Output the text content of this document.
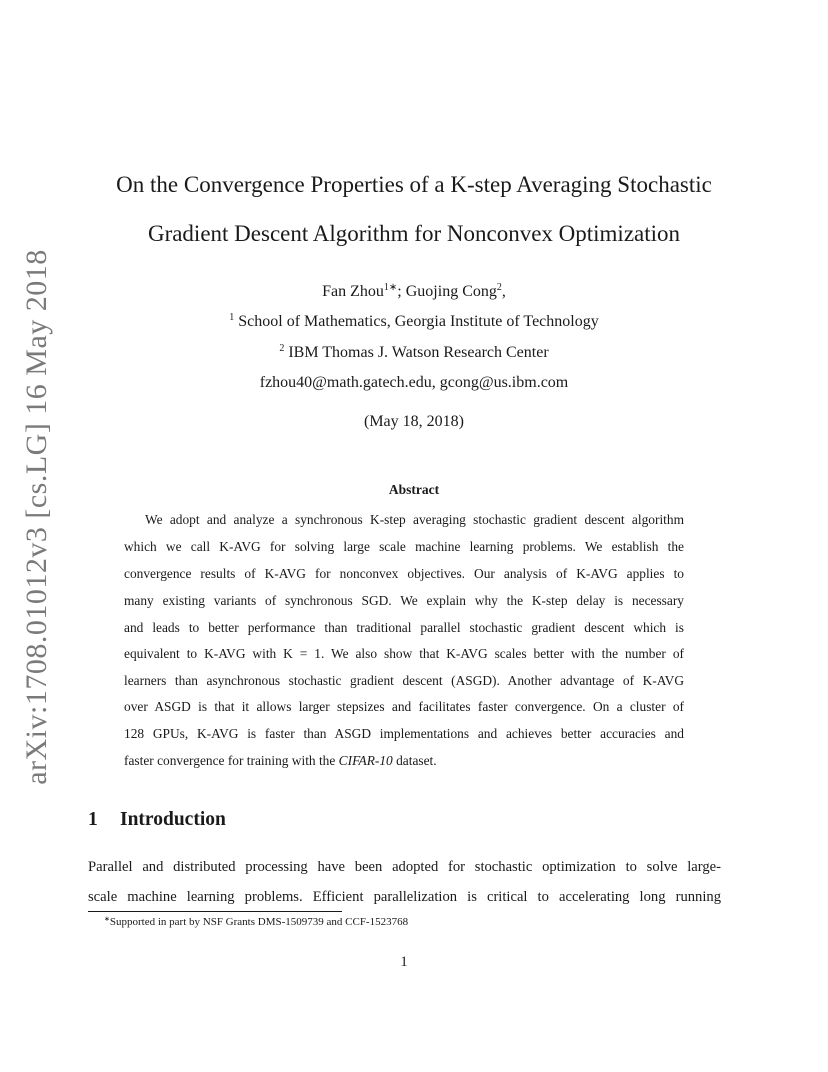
arXiv:1708.01012v3 [cs.LG] 16 May 2018
On the Convergence Properties of a K-step Averaging Stochastic
Gradient Descent Algorithm for Nonconvex Optimization
Fan Zhou$^{1∗}$; Guojing Cong$^2$,
$^1$ School of Mathematics, Georgia Institute of Technology
$^2$ IBM Thomas J. Watson Research Center
fzhou40@math.gatech.edu, gcong@us.ibm.com
(May 18, 2018)
Abstract
We adopt and analyze a synchronous K-step averaging stochastic gradient descent algorithm
which we call K-AVG for solving large scale machine learning problems. We establish the
convergence results of K-AVG for nonconvex objectives. Our analysis of K-AVG applies to
many existing variants of synchronous SGD. We explain why the K-step delay is necessary
and leads to better performance than traditional parallel stochastic gradient descent which is
equivalent to K-AVG with K = 1. We also show that K-AVG scales better with the number of
learners than asynchronous stochastic gradient descent (ASGD). Another advantage of K-AVG
over ASGD is that it allows larger stepsizes and facilitates faster convergence. On a cluster of
128 GPUs, K-AVG is faster than ASGD implementations and achieves better accuracies and
faster convergence for training with the CIFAR-10 dataset.
1 Introduction
Parallel and distributed processing have been adopted for stochastic optimization to solve large-
scale machine learning problems. Efficient parallelization is critical to accelerating long running
∗Supported in part by NSF Grants DMS-1509739 and CCF-1523768
1
